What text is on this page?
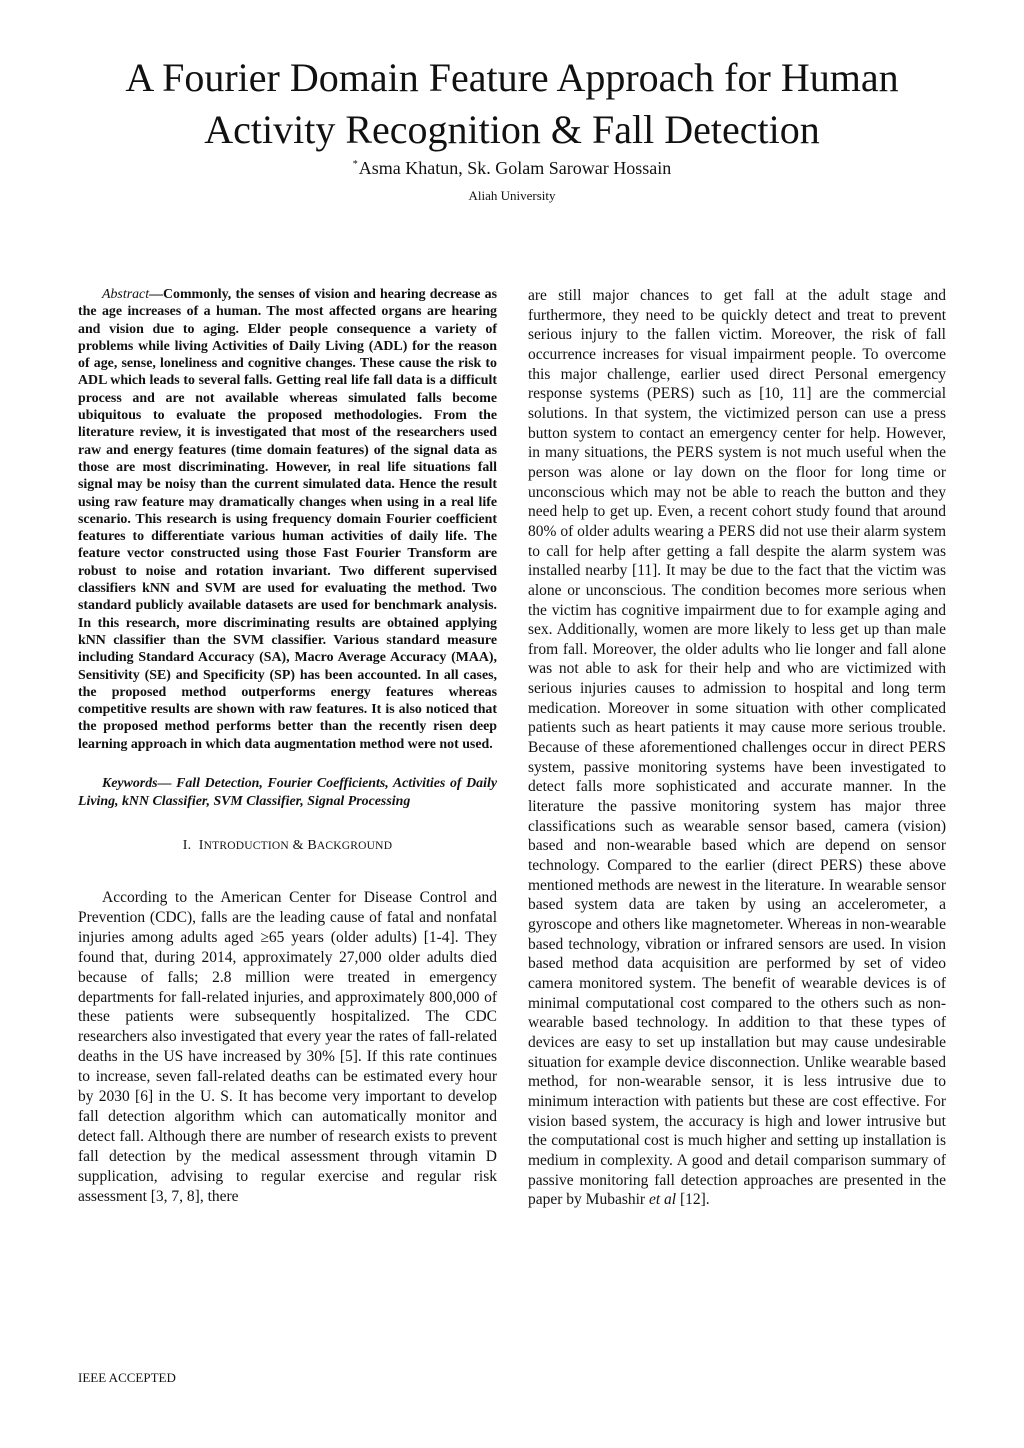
A Fourier Domain Feature Approach for Human Activity Recognition & Fall Detection
*Asma Khatun, Sk. Golam Sarowar Hossain
Aliah University

Abstract—Commonly, the senses of vision and hearing decrease as the age increases of a human. The most affected organs are hearing and vision due to aging. Elder people consequence a variety of problems while living Activities of Daily Living (ADL) for the reason of age, sense, loneliness and cognitive changes. These cause the risk to ADL which leads to several falls. Getting real life fall data is a difficult process and are not available whereas simulated falls become ubiquitous to evaluate the proposed methodologies. From the literature review, it is investigated that most of the researchers used raw and energy features (time domain features) of the signal data as those are most discriminating. However, in real life situations fall signal may be noisy than the current simulated data. Hence the result using raw feature may dramatically changes when using in a real life scenario. This research is using frequency domain Fourier coefficient features to differentiate various human activities of daily life. The feature vector constructed using those Fast Fourier Transform are robust to noise and rotation invariant. Two different supervised classifiers kNN and SVM are used for evaluating the method. Two standard publicly available datasets are used for benchmark analysis. In this research, more discriminating results are obtained applying kNN classifier than the SVM classifier. Various standard measure including Standard Accuracy (SA), Macro Average Accuracy (MAA), Sensitivity (SE) and Specificity (SP) has been accounted. In all cases, the proposed method outperforms energy features whereas competitive results are shown with raw features. It is also noticed that the proposed method performs better than the recently risen deep learning approach in which data augmentation method were not used.

Keywords— Fall Detection, Fourier Coefficients, Activities of Daily Living, kNN Classifier, SVM Classifier, Signal Processing

I. INTRODUCTION & BACKGROUND

According to the American Center for Disease Control and Prevention (CDC), falls are the leading cause of fatal and nonfatal injuries among adults aged ≥65 years (older adults) [1-4]. They found that, during 2014, approximately 27,000 older adults died because of falls; 2.8 million were treated in emergency departments for fall-related injuries, and approximately 800,000 of these patients were subsequently hospitalized. The CDC researchers also investigated that every year the rates of fall-related deaths in the US have increased by 30% [5]. If this rate continues to increase, seven fall-related deaths can be estimated every hour by 2030 [6] in the U. S. It has become very important to develop fall detection algorithm which can automatically monitor and detect fall. Although there are number of research exists to prevent fall detection by the medical assessment through vitamin D supplication, advising to regular exercise and regular risk assessment [3, 7, 8], there

are still major chances to get fall at the adult stage and furthermore, they need to be quickly detect and treat to prevent serious injury to the fallen victim. Moreover, the risk of fall occurrence increases for visual impairment people. To overcome this major challenge, earlier used direct Personal emergency response systems (PERS) such as [10, 11] are the commercial solutions. In that system, the victimized person can use a press button system to contact an emergency center for help. However, in many situations, the PERS system is not much useful when the person was alone or lay down on the floor for long time or unconscious which may not be able to reach the button and they need help to get up. Even, a recent cohort study found that around 80% of older adults wearing a PERS did not use their alarm system to call for help after getting a fall despite the alarm system was installed nearby [11]. It may be due to the fact that the victim was alone or unconscious. The condition becomes more serious when the victim has cognitive impairment due to for example aging and sex. Additionally, women are more likely to less get up than male from fall. Moreover, the older adults who lie longer and fall alone was not able to ask for their help and who are victimized with serious injuries causes to admission to hospital and long term medication. Moreover in some situation with other complicated patients such as heart patients it may cause more serious trouble. Because of these aforementioned challenges occur in direct PERS system, passive monitoring systems have been investigated to detect falls more sophisticated and accurate manner. In the literature the passive monitoring system has major three classifications such as wearable sensor based, camera (vision) based and non-wearable based which are depend on sensor technology. Compared to the earlier (direct PERS) these above mentioned methods are newest in the literature. In wearable sensor based system data are taken by using an accelerometer, a gyroscope and others like magnetometer. Whereas in non-wearable based technology, vibration or infrared sensors are used. In vision based method data acquisition are performed by set of video camera monitored system. The benefit of wearable devices is of minimal computational cost compared to the others such as non-wearable based technology. In addition to that these types of devices are easy to set up installation but may cause undesirable situation for example device disconnection. Unlike wearable based method, for non-wearable sensor, it is less intrusive due to minimum interaction with patients but these are cost effective. For vision based system, the accuracy is high and lower intrusive but the computational cost is much higher and setting up installation is medium in complexity. A good and detail comparison summary of passive monitoring fall detection approaches are presented in the paper by Mubashir et al [12].

IEEE ACCEPTED
